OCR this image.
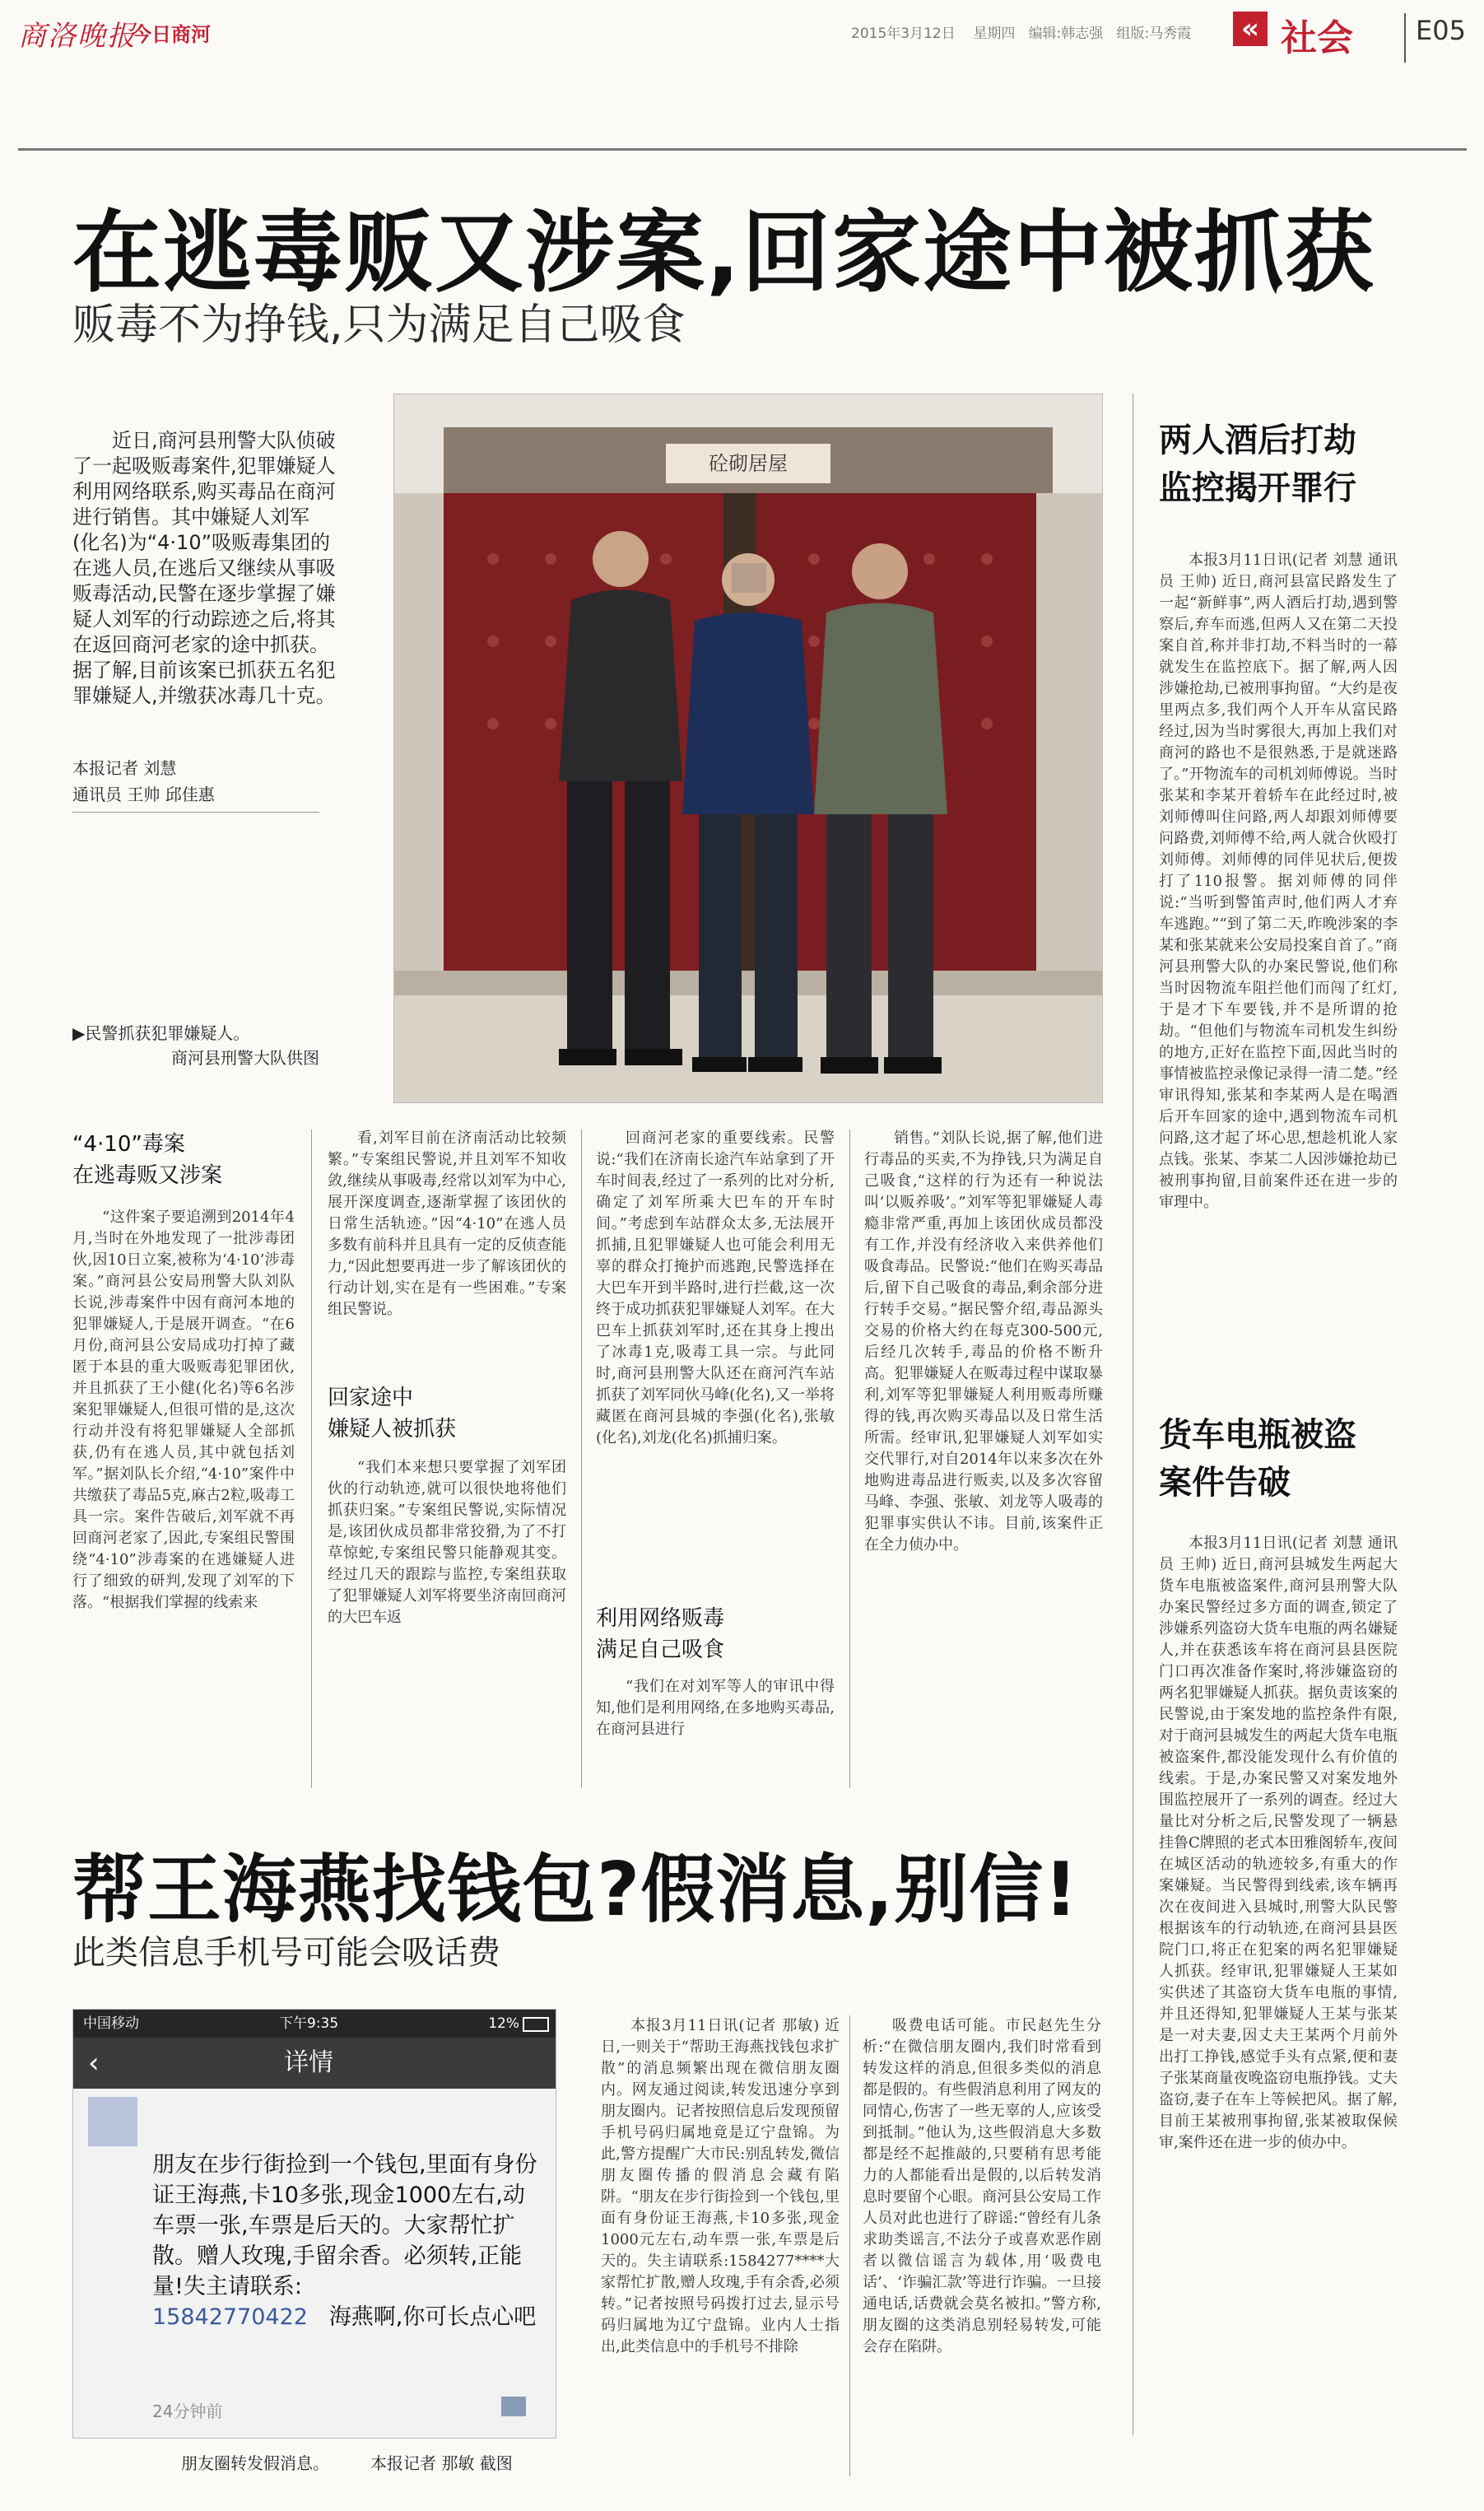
商洛晚报
今日商河	2015年3月12日 星期四 编辑:韩志强 组版:马秀霞 « 社会 E05
在逃毒贩又涉案,回家途中被抓获
贩毒不为挣钱,只为满足自己吸食
近日,商河县刑警大队侦破了一起吸贩毒案件,犯罪嫌疑人利用网络联系,购买毒品在商河进行销售。其中嫌疑人刘军(化名)为“4·10”吸贩毒集团的在逃人员,在逃后又继续从事吸贩毒活动,民警在逐步掌握了嫌疑人刘军的行动踪迹之后,将其在返回商河老家的途中抓获。据了解,目前该案已抓获五名犯罪嫌疑人,并缴获冰毒几十克。
本报记者 刘慧
通讯员 王帅 邱佳惠
砼砌居屋
▶民警抓获犯罪嫌疑人。
商河县刑警大队供图
“4·10”毒案
在逃毒贩又涉案

“这件案子要追溯到2014年4月,当时在外地发现了一批涉毒团伙,因10日立案,被称为‘4·10’涉毒案。”商河县公安局刑警大队刘队长说,涉毒案件中因有商河本地的犯罪嫌疑人,于是展开调查。“在6月份,商河县公安局成功打掉了藏匿于本县的重大吸贩毒犯罪团伙,并且抓获了王小健(化名)等6名涉案犯罪嫌疑人,但很可惜的是,这次行动并没有将犯罪嫌疑人全部抓获,仍有在逃人员,其中就包括刘军。”据刘队长介绍,“4·10”案件中共缴获了毒品5克,麻古2粒,吸毒工具一宗。案件告破后,刘军就不再回商河老家了,因此,专案组民警围绕“4·10”涉毒案的在逃嫌疑人进行了细致的研判,发现了刘军的下落。“根据我们掌握的线索来

看,刘军目前在济南活动比较频繁。”专案组民警说,并且刘军不知收敛,继续从事吸毒,经常以刘军为中心,展开深度调查,逐渐掌握了该团伙的日常生活轨迹。”因“4·10”在逃人员多数有前科并且具有一定的反侦查能力,“因此想要再进一步了解该团伙的行动计划,实在是有一些困难。”专案组民警说。

回家途中
嫌疑人被抓获

“我们本来想只要掌握了刘军团伙的行动轨迹,就可以很快地将他们抓获归案。”专案组民警说,实际情况是,该团伙成员都非常狡猾,为了不打草惊蛇,专案组民警只能静观其变。经过几天的跟踪与监控,专案组获取了犯罪嫌疑人刘军将要坐济南回商河的大巴车返

回商河老家的重要线索。民警说:“我们在济南长途汽车站拿到了开车时间表,经过了一系列的比对分析,确定了刘军所乘大巴车的开车时间。”考虑到车站群众太多,无法展开抓捕,且犯罪嫌疑人也可能会利用无辜的群众打掩护而逃跑,民警选择在大巴车开到半路时,进行拦截,这一次终于成功抓获犯罪嫌疑人刘军。在大巴车上抓获刘军时,还在其身上搜出了冰毒1克,吸毒工具一宗。与此同时,商河县刑警大队还在商河汽车站抓获了刘军同伙马峰(化名),又一举将藏匿在商河县城的李强(化名),张敏(化名),刘龙(化名)抓捕归案。

利用网络贩毒
满足自己吸食

“我们在对刘军等人的审讯中得知,他们是利用网络,在多地购买毒品,在商河县进行

销售。”刘队长说,据了解,他们进行毒品的买卖,不为挣钱,只为满足自己吸食,“这样的行为还有一种说法叫‘以贩养吸’。”刘军等犯罪嫌疑人毒瘾非常严重,再加上该团伙成员都没有工作,并没有经济收入来供养他们吸食毒品。民警说:“他们在购买毒品后,留下自己吸食的毒品,剩余部分进行转手交易。”据民警介绍,毒品源头交易的价格大约在每克300-500元,后经几次转手,毒品的价格不断升高。犯罪嫌疑人在贩毒过程中谋取暴利,刘军等犯罪嫌疑人利用贩毒所赚得的钱,再次购买毒品以及日常生活所需。经审讯,犯罪嫌疑人刘军如实交代罪行,对自2014年以来多次在外地购进毒品进行贩卖,以及多次容留马峰、李强、张敏、刘龙等人吸毒的犯罪事实供认不讳。目前,该案件正在全力侦办中。

两人酒后打劫
监控揭开罪行

本报3月11日讯(记者 刘慧 通讯员 王帅) 近日,商河县富民路发生了一起“新鲜事”,两人酒后打劫,遇到警察后,弃车而逃,但两人又在第二天投案自首,称并非打劫,不料当时的一幕就发生在监控底下。据了解,两人因涉嫌抢劫,已被刑事拘留。“大约是夜里两点多,我们两个人开车从富民路经过,因为当时雾很大,再加上我们对商河的路也不是很熟悉,于是就迷路了。”开物流车的司机刘师傅说。当时张某和李某开着轿车在此经过时,被刘师傅叫住问路,两人却跟刘师傅要问路费,刘师傅不给,两人就合伙殴打刘师傅。刘师傅的同伴见状后,便拨打了110报警。据刘师傅的同伴说:“当听到警笛声时,他们两人才弃车逃跑。”“到了第二天,昨晚涉案的李某和张某就来公安局投案自首了。”商河县刑警大队的办案民警说,他们称当时因物流车阻拦他们而闯了红灯,于是才下车要钱,并不是所谓的抢劫。“但他们与物流车司机发生纠纷的地方,正好在监控下面,因此当时的事情被监控录像记录得一清二楚。”经审讯得知,张某和李某两人是在喝酒后开车回家的途中,遇到物流车司机问路,这才起了坏心思,想趁机讹人家点钱。张某、李某二人因涉嫌抢劫已被刑事拘留,目前案件还在进一步的审理中。

货车电瓶被盗
案件告破

本报3月11日讯(记者 刘慧 通讯员 王帅) 近日,商河县城发生两起大货车电瓶被盗案件,商河县刑警大队办案民警经过多方面的调查,锁定了涉嫌系列盗窃大货车电瓶的两名嫌疑人,并在获悉该车将在商河县县医院门口再次准备作案时,将涉嫌盗窃的两名犯罪嫌疑人抓获。据负责该案的民警说,由于案发地的监控条件有限,对于商河县城发生的两起大货车电瓶被盗案件,都没能发现什么有价值的线索。于是,办案民警又对案发地外围监控展开了一系列的调查。经过大量比对分析之后,民警发现了一辆悬挂鲁C牌照的老式本田雅阁轿车,夜间在城区活动的轨迹较多,有重大的作案嫌疑。当民警得到线索,该车辆再次在夜间进入县城时,刑警大队民警根据该车的行动轨迹,在商河县县医院门口,将正在犯案的两名犯罪嫌疑人抓获。经审讯,犯罪嫌疑人王某如实供述了其盗窃大货车电瓶的事情,并且还得知,犯罪嫌疑人王某与张某是一对夫妻,因丈夫王某两个月前外出打工挣钱,感觉手头有点紧,便和妻子张某商量夜晚盗窃电瓶挣钱。丈夫盗窃,妻子在车上等候把风。据了解,目前王某被刑事拘留,张某被取保候审,案件还在进一步的侦办中。

帮王海燕找钱包?假消息,别信!
此类信息手机号可能会吸话费
中国移动	下午9:35	12%
‹	详情
朋友在步行街捡到一个钱包,里面有身份证王海燕,卡10多张,现金1000左右,动车票一张,车票是后天的。大家帮忙扩散。赠人玫瑰,手留余香。必须转,正能量!失主请联系:
15842770422 海燕啊,你可长点心吧
24分钟前
朋友圈转发假消息。	本报记者 那敏 截图

本报3月11日讯(记者 那敏) 近日,一则关于“帮助王海燕找钱包求扩散”的消息频繁出现在微信朋友圈内。网友通过阅读,转发迅速分享到朋友圈内。记者按照信息后发现预留手机号码归属地竟是辽宁盘锦。为此,警方提醒广大市民:别乱转发,微信朋友圈传播的假消息会藏有陷阱。“朋友在步行街捡到一个钱包,里面有身份证王海燕,卡10多张,现金1000元左右,动车票一张,车票是后天的。失主请联系:1584277****大家帮忙扩散,赠人玫瑰,手有余香,必须转。”记者按照号码拨打过去,显示号码归属地为辽宁盘锦。业内人士指出,此类信息中的手机号不排除

吸费电话可能。市民赵先生分析:“在微信朋友圈内,我们时常看到转发这样的消息,但很多类似的消息都是假的。有些假消息利用了网友的同情心,伤害了一些无辜的人,应该受到抵制。”他认为,这些假消息大多数都是经不起推敲的,只要稍有思考能力的人都能看出是假的,以后转发消息时要留个心眼。商河县公安局工作人员对此也进行了辟谣:“曾经有儿条求助类谣言,不法分子或喜欢恶作剧者以微信谣言为载体,用‘吸费电话’、‘诈骗汇款’等进行诈骗。一旦接通电话,话费就会莫名被扣。”警方称,朋友圈的这类消息别轻易转发,可能会存在陷阱。
